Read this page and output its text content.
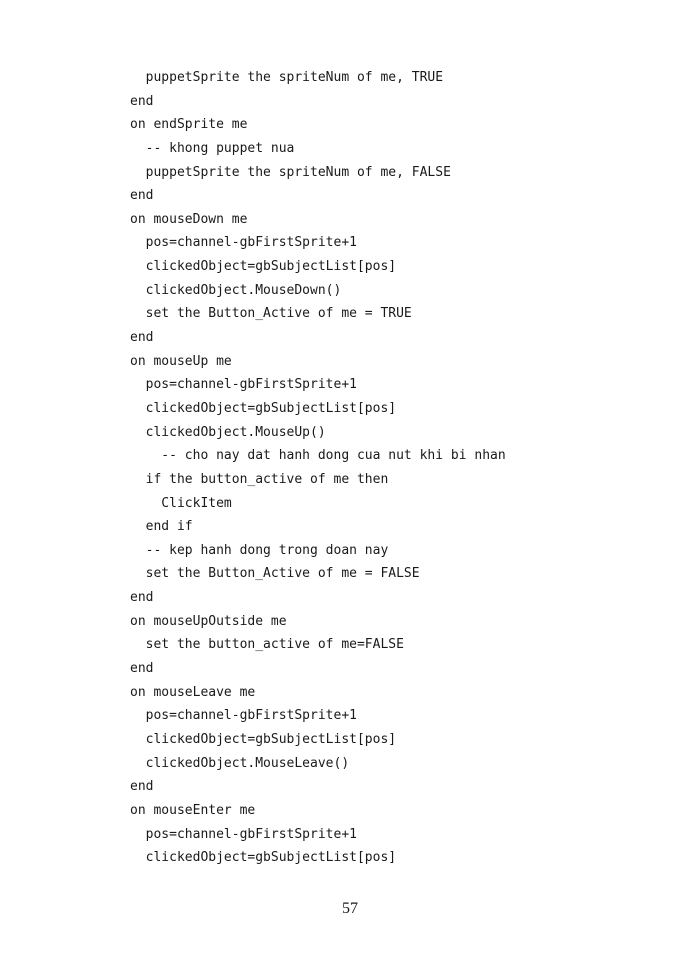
puppetSprite the spriteNum of me, TRUE
end
on endSprite me
-- khong puppet nua
puppetSprite the spriteNum of me, FALSE
end
on mouseDown me
pos=channel-gbFirstSprite+1
clickedObject=gbSubjectList[pos]
clickedObject.MouseDown()
set the Button_Active of me = TRUE
end
on mouseUp me
pos=channel-gbFirstSprite+1
clickedObject=gbSubjectList[pos]
clickedObject.MouseUp()
-- cho nay dat hanh dong cua nut khi bi nhan
if the button_active of me then
ClickItem
end if
-- kep hanh dong trong doan nay
set the Button_Active of me = FALSE
end
on mouseUpOutside me
set the button_active of me=FALSE
end
on mouseLeave me
pos=channel-gbFirstSprite+1
clickedObject=gbSubjectList[pos]
clickedObject.MouseLeave()
end
on mouseEnter me
pos=channel-gbFirstSprite+1
clickedObject=gbSubjectList[pos]
57
